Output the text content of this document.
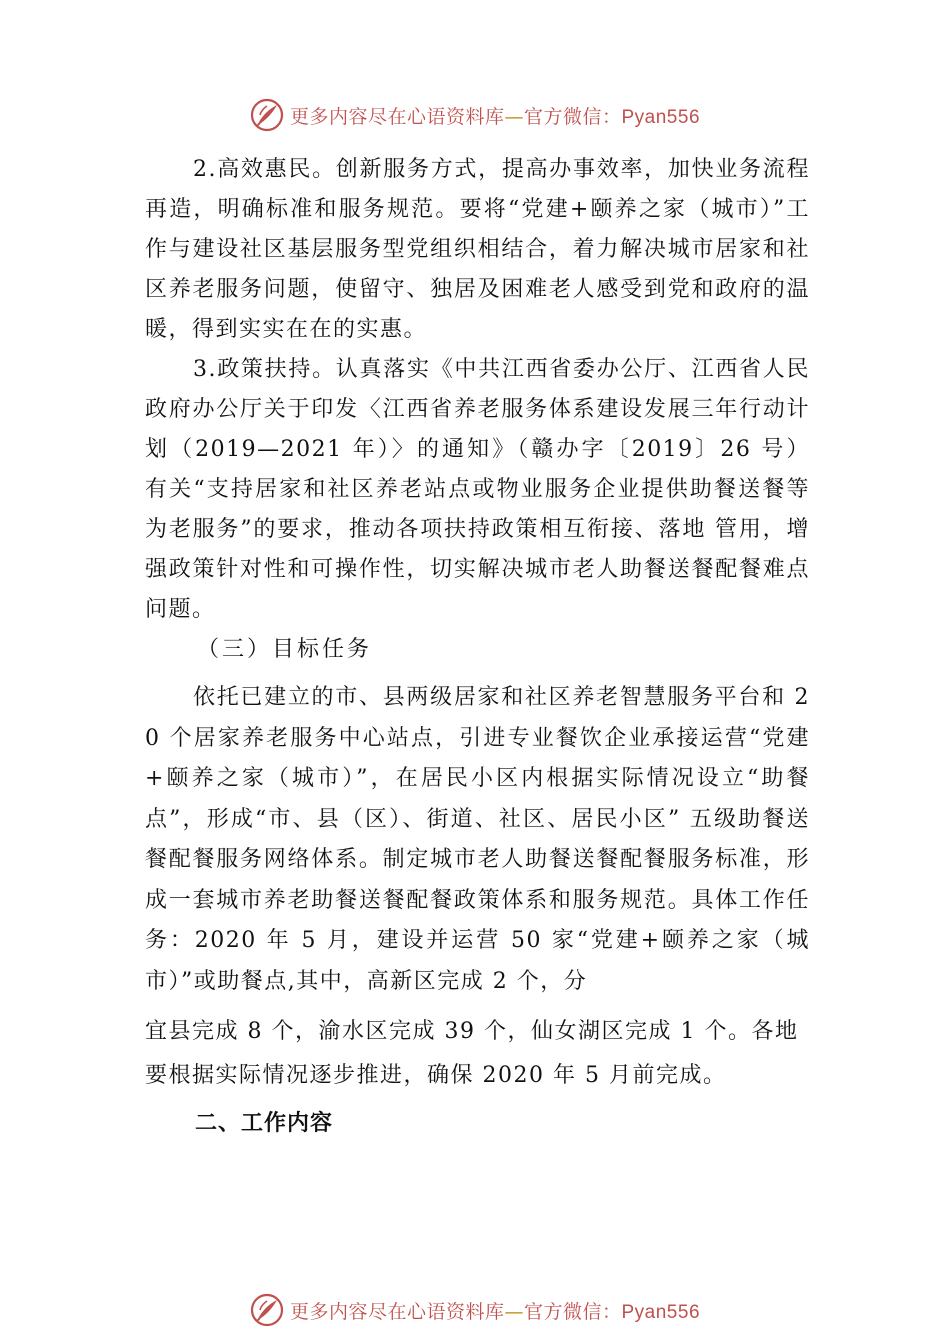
更多内容尽在心语资料库—官方微信：Pyan556

2.高效惠民。创新服务方式，提高办事效率，加快业务流程再造，明确标准和服务规范。要将“党建+颐养之家（城市）”工作与建设社区基层服务型党组织相结合，着力解决城市居家和社区养老服务问题，使留守、独居及困难老人感受到党和政府的温暖，得到实实在在的实惠。

3.政策扶持。认真落实《中共江西省委办公厅、江西省人民政府办公厅关于印发〈江西省养老服务体系建设发展三年行动计划（2019—2021 年）〉的通知》（赣办字〔2019〕26 号） 有关“支持居家和社区养老站点或物业服务企业提供助餐送餐等为老服务”的要求，推动各项扶持政策相互衔接、落地 管用，增强政策针对性和可操作性，切实解决城市老人助餐送餐配餐难点问题。

（三）目标任务

依托已建立的市、县两级居家和社区养老智慧服务平台和 20 个居家养老服务中心站点，引进专业餐饮企业承接运营“党建+颐养之家（城市）”，在居民小区内根据实际情况设立“助餐点”，形成“市、县（区）、街道、社区、居民小区” 五级助餐送餐配餐服务网络体系。制定城市老人助餐送餐配餐服务标准，形成一套城市养老助餐送餐配餐政策体系和服务规范。具体工作任务：2020 年 5 月，建设并运营 50 家“党建+颐养之家（城市）”或助餐点,其中，高新区完成 2 个，分

宜县完成 8 个，渝水区完成 39 个，仙女湖区完成 1 个。各地要根据实际情况逐步推进，确保 2020 年 5 月前完成。

二、工作内容

更多内容尽在心语资料库—官方微信：Pyan556
